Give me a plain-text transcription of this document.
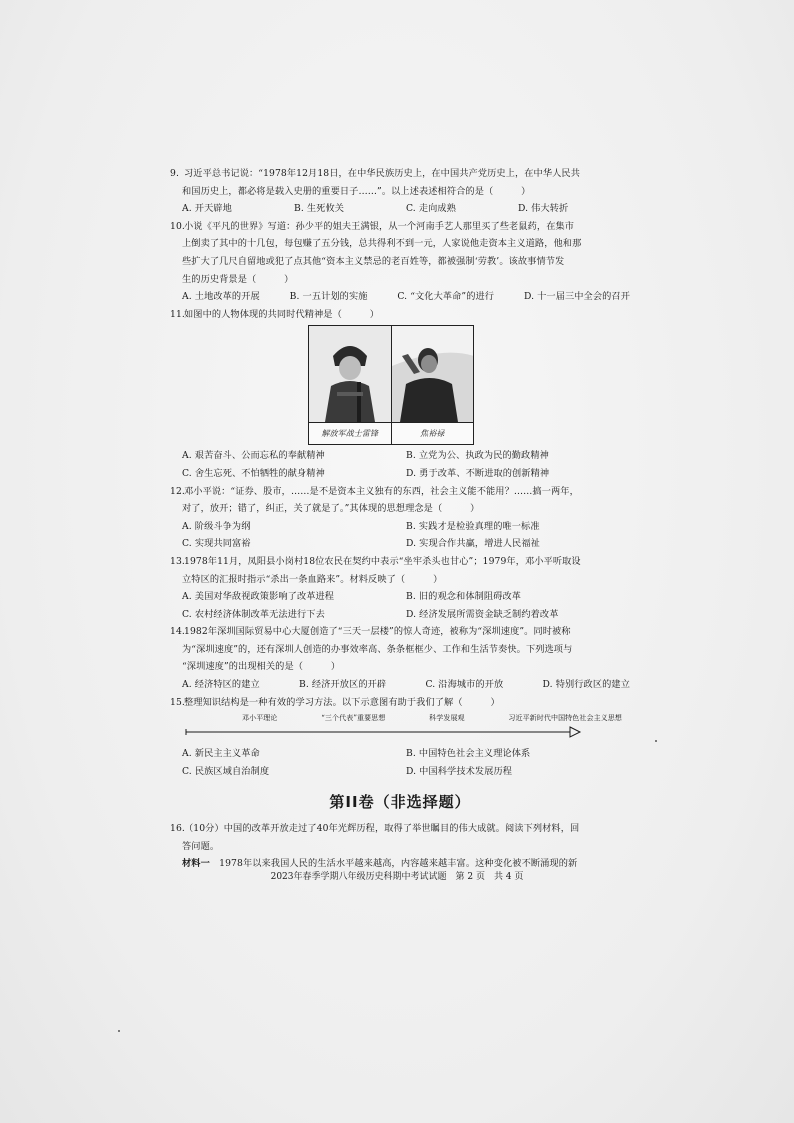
9. 习近平总书记说：“1978年12月18日，在中华民族历史上，在中国共产党历史上，在中华人民共
和国历史上，都必将是载入史册的重要日子……”。以上述表述相符合的是（　　　）
A. 开天辟地	B. 生死攸关	C. 走向成熟	D. 伟大转折
10.小说《平凡的世界》写道：孙少平的姐夫王满银，从一个河南手艺人那里买了些老鼠药，在集市
上倒卖了其中的十几包，每包赚了五分钱，总共得利不到一元，人家说他走资本主义道路，他和那
些扩大了几尺自留地或犯了点其他“资本主义禁忌的老百姓等，都被强制‘劳教’。该故事情节发
生的历史背景是（　　　）
A. 土地改革的开展	B. 一五计划的实施	C. “文化大革命”的进行	D. 十一届三中全会的召开
11.如图中的人物体现的共同时代精神是（　　　）
解放军战士雷锋	焦裕禄
A. 艰苦奋斗、公而忘私的奉献精神	B. 立党为公、执政为民的勤政精神
C. 舍生忘死、不怕牺牲的献身精神	D. 勇于改革、不断进取的创新精神
12.邓小平说：“证券、股市，……是不是资本主义独有的东西，社会主义能不能用？……搞一两年，
对了，放开；错了，纠正，关了就是了。”其体现的思想理念是（　　　）
A. 阶级斗争为纲	B. 实践才是检验真理的唯一标准
C. 实现共同富裕	D. 实现合作共赢，增进人民福祉
13.1978年11月，凤阳县小岗村18位农民在契约中表示“坐牢杀头也甘心”；1979年，邓小平听取设
立特区的汇报时指示“杀出一条血路来”。材料反映了（　　　）
A. 美国对华敌视政策影响了改革进程	B. 旧的观念和体制阻碍改革
C. 农村经济体制改革无法进行下去	D. 经济发展所需资金缺乏制约着改革
14.1982年深圳国际贸易中心大厦创造了“三天一层楼”的惊人奇迹，被称为“深圳速度”。同时被称
为“深圳速度”的，还有深圳人创造的办事效率高、条条框框少、工作和生活节奏快。下列选项与
“深圳速度”的出现相关的是（　　　）
A. 经济特区的建立	B. 经济开放区的开辟	C. 沿海城市的开放	D. 特别行政区的建立
15.整理知识结构是一种有效的学习方法。以下示意图有助于我们了解（　　　）
邓小平理论	“三个代表”重要思想	科学发展观	习近平新时代中国特色社会主义思想
A. 新民主主义革命	B. 中国特色社会主义理论体系
C. 民族区域自治制度	D. 中国科学技术发展历程
第II卷（非选择题）
16.（10分）中国的改革开放走过了40年光辉历程，取得了举世瞩目的伟大成就。阅读下列材料，回
答问题。
材料一　1978年以来我国人民的生活水平越来越高，内容越来越丰富。这种变化被不断涌现的新
2023年春季学期八年级历史科期中考试试题　第 2 页　共 4 页
